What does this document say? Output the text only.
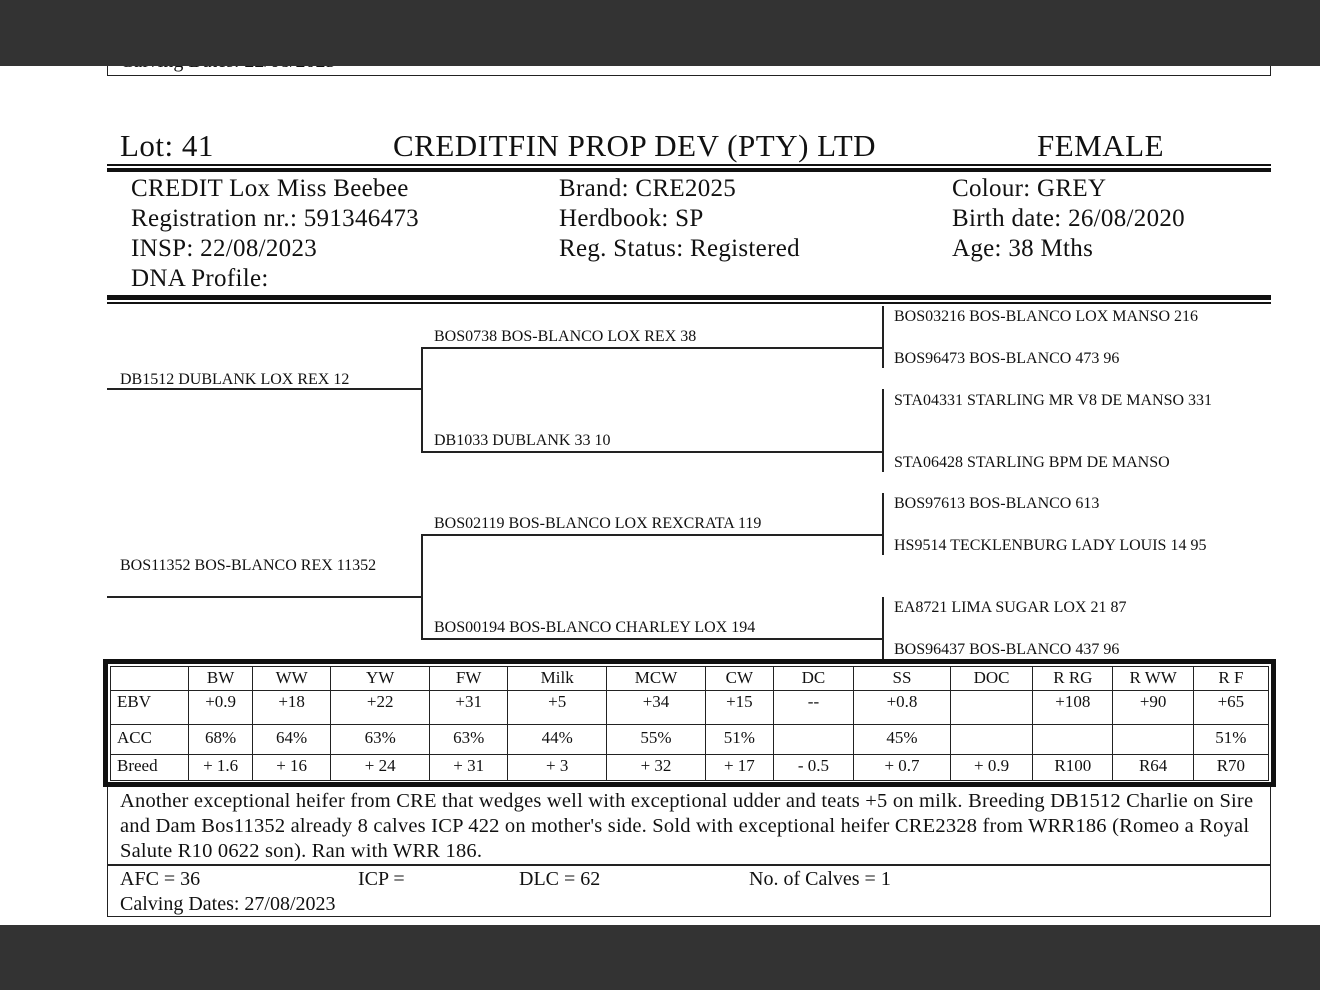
Lot: 41	CREDITFIN PROP DEV (PTY) LTD	FEMALE
CREDIT Lox Miss Beebee
Registration nr.: 591346473
INSP: 22/08/2023
DNA Profile:
Brand: CRE2025
Herdbook: SP
Reg. Status: Registered
Colour: GREY
Birth date: 26/08/2020
Age: 38 Mths
DB1512 DUBLANK LOX REX 12
BOS11352 BOS-BLANCO REX 11352
BOS0738 BOS-BLANCO LOX REX 38
DB1033 DUBLANK 33 10
BOS02119 BOS-BLANCO LOX REXCRATA 119
BOS00194 BOS-BLANCO CHARLEY LOX 194
BOS03216 BOS-BLANCO LOX MANSO 216
BOS96473 BOS-BLANCO 473 96
STA04331 STARLING MR V8 DE MANSO 331
STA06428 STARLING BPM DE MANSO
BOS97613 BOS-BLANCO 613
HS9514 TECKLENBURG LADY LOUIS 14 95
EA8721 LIMA SUGAR LOX 21 87
BOS96437 BOS-BLANCO 437 96
	BW	WW	YW	FW	Milk	MCW	CW	DC	SS	DOC	R RG	R WW	R F
EBV	+0.9	+18	+22	+31	+5	+34	+15	--	+0.8		+108	+90	+65
ACC	68%	64%	63%	63%	44%	55%	51%		45%				51%
Breed	+ 1.6	+ 16	+ 24	+ 31	+ 3	+ 32	+ 17	- 0.5	+ 0.7	+ 0.9	R100	R64	R70
Another exceptional heifer from CRE that wedges well with exceptional udder and teats +5 on milk. Breeding DB1512 Charlie on Sire and Dam Bos11352 already 8 calves ICP 422 on mother's side. Sold with exceptional heifer CRE2328 from WRR186 (Romeo a Royal Salute R10 0622 son). Ran with WRR 186.
AFC = 36	ICP =	DLC = 62	No. of Calves = 1
Calving Dates: 27/08/2023
